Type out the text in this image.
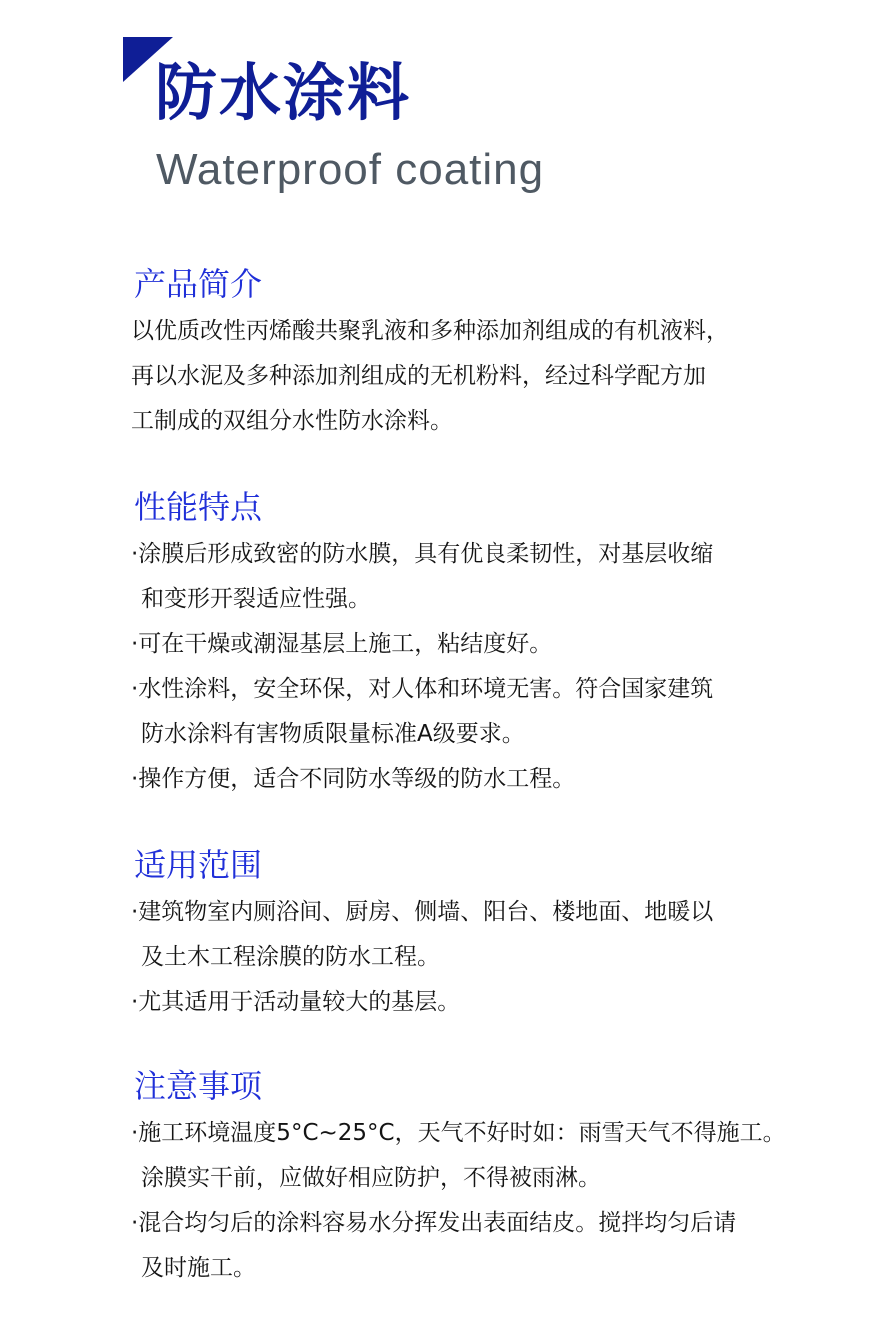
防水涂料
Waterproof coating
产品简介
以优质改性丙烯酸共聚乳液和多种添加剂组成的有机液料，
再以水泥及多种添加剂组成的无机粉料，经过科学配方加
工制成的双组分水性防水涂料。
性能特点
·涂膜后形成致密的防水膜，具有优良柔韧性，对基层收缩
和变形开裂适应性强。
·可在干燥或潮湿基层上施工，粘结度好。
·水性涂料，安全环保，对人体和环境无害。符合国家建筑
防水涂料有害物质限量标准A级要求。
·操作方便，适合不同防水等级的防水工程。
适用范围
·建筑物室内厕浴间、厨房、侧墙、阳台、楼地面、地暖以
及土木工程涂膜的防水工程。
·尤其适用于活动量较大的基层。
注意事项
·施工环境温度5°C~25°C，天气不好时如：雨雪天气不得施工。
涂膜实干前，应做好相应防护，不得被雨淋。
·混合均匀后的涂料容易水分挥发出表面结皮。搅拌均匀后请
及时施工。
